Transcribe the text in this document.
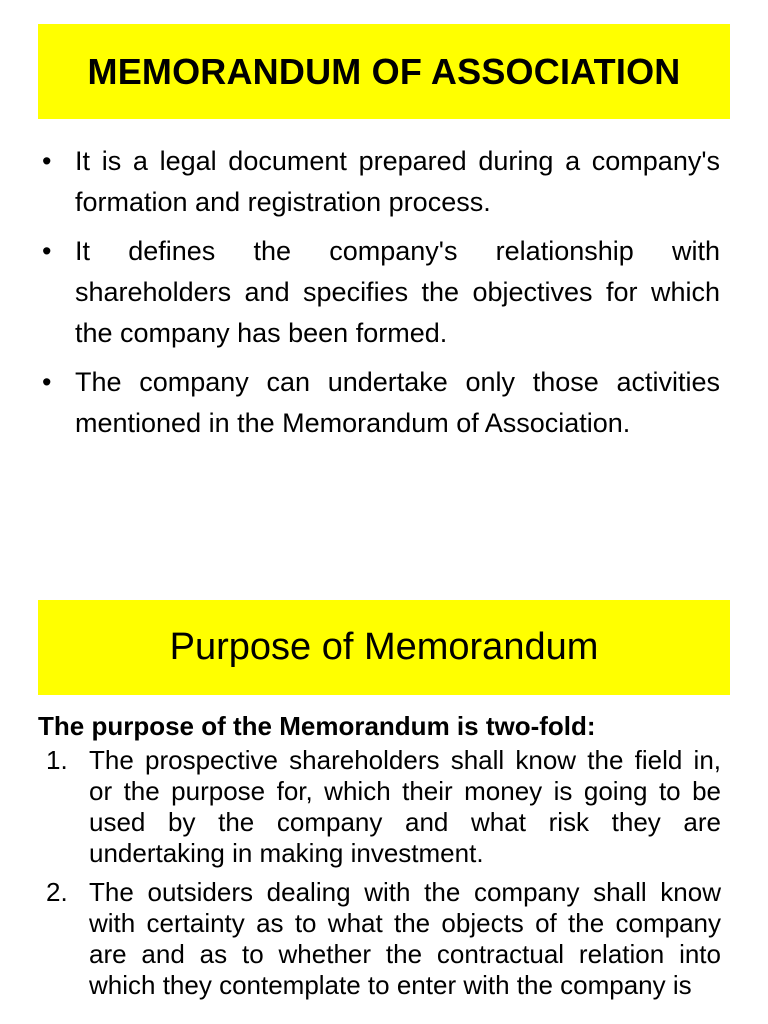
MEMORANDUM OF ASSOCIATION
• It is a legal document prepared during a company's formation and registration process.
• It defines the company's relationship with shareholders and specifies the objectives for which the company has been formed.
• The company can undertake only those activities mentioned in the Memorandum of Association.
Purpose of Memorandum
The purpose of the Memorandum is two-fold:
1. The prospective shareholders shall know the field in, or the purpose for, which their money is going to be used by the company and what risk they are undertaking in making investment.
2. The outsiders dealing with the company shall know with certainty as to what the objects of the company are and as to whether the contractual relation into which they contemplate to enter with the company is
